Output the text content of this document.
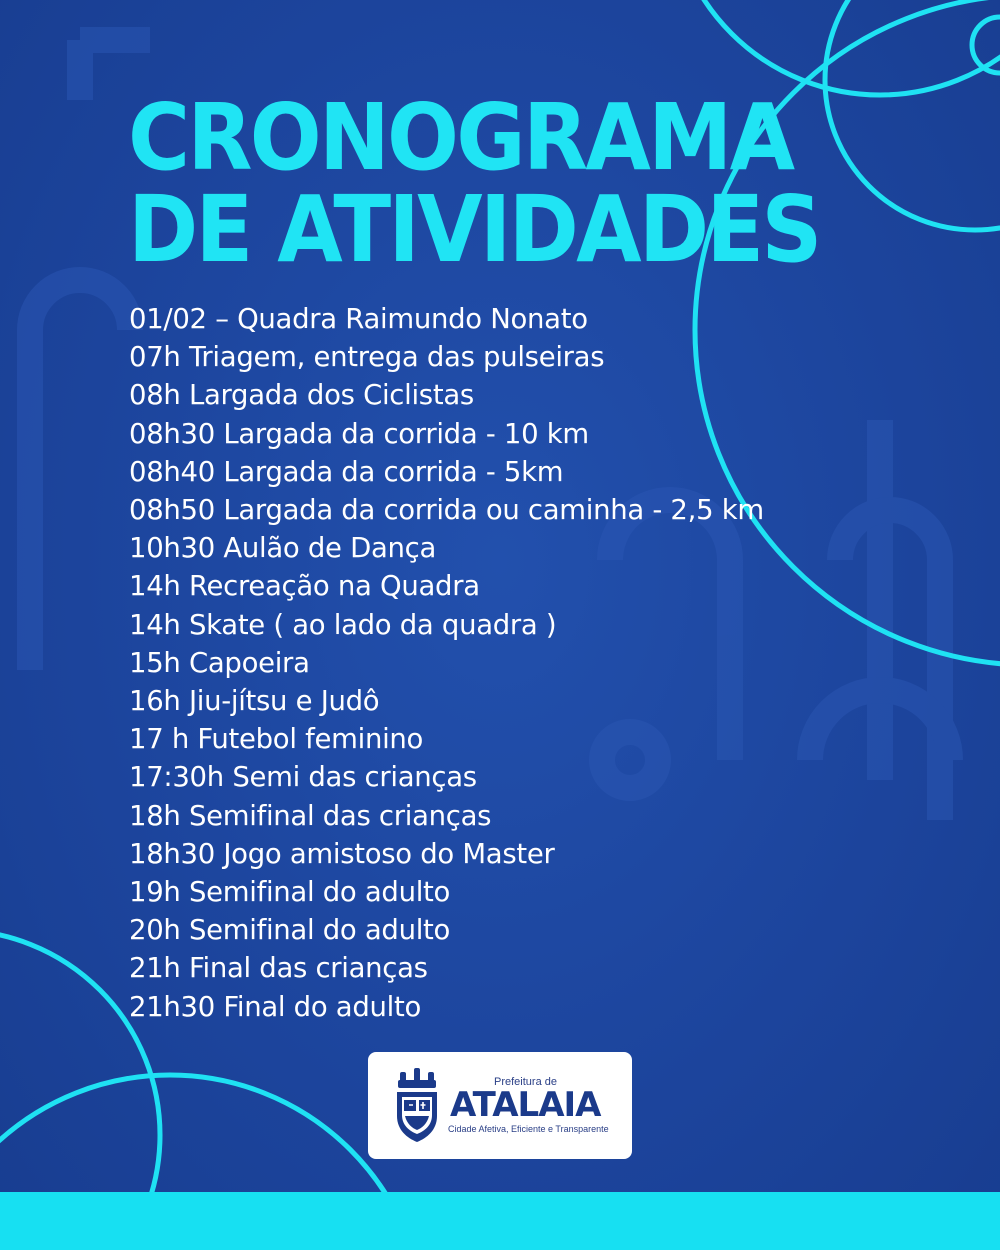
CRONOGRAMA
DE ATIVIDADES
01/02 – Quadra Raimundo Nonato
07h Triagem, entrega das pulseiras
08h Largada dos Ciclistas
08h30 Largada da corrida - 10 km
08h40 Largada da corrida - 5km
08h50 Largada da corrida ou caminha - 2,5 km
10h30 Aulão de Dança
14h Recreação na Quadra
14h Skate ( ao lado da quadra )
15h Capoeira
16h Jiu-jítsu e Judô
17 h Futebol feminino
17:30h Semi das crianças
18h Semifinal das crianças
18h30 Jogo amistoso do Master
19h Semifinal do adulto
20h Semifinal do adulto
21h Final das crianças
21h30 Final do adulto

Prefeitura de

ATALAIA

Cidade Afetiva, Eficiente e Transparente
